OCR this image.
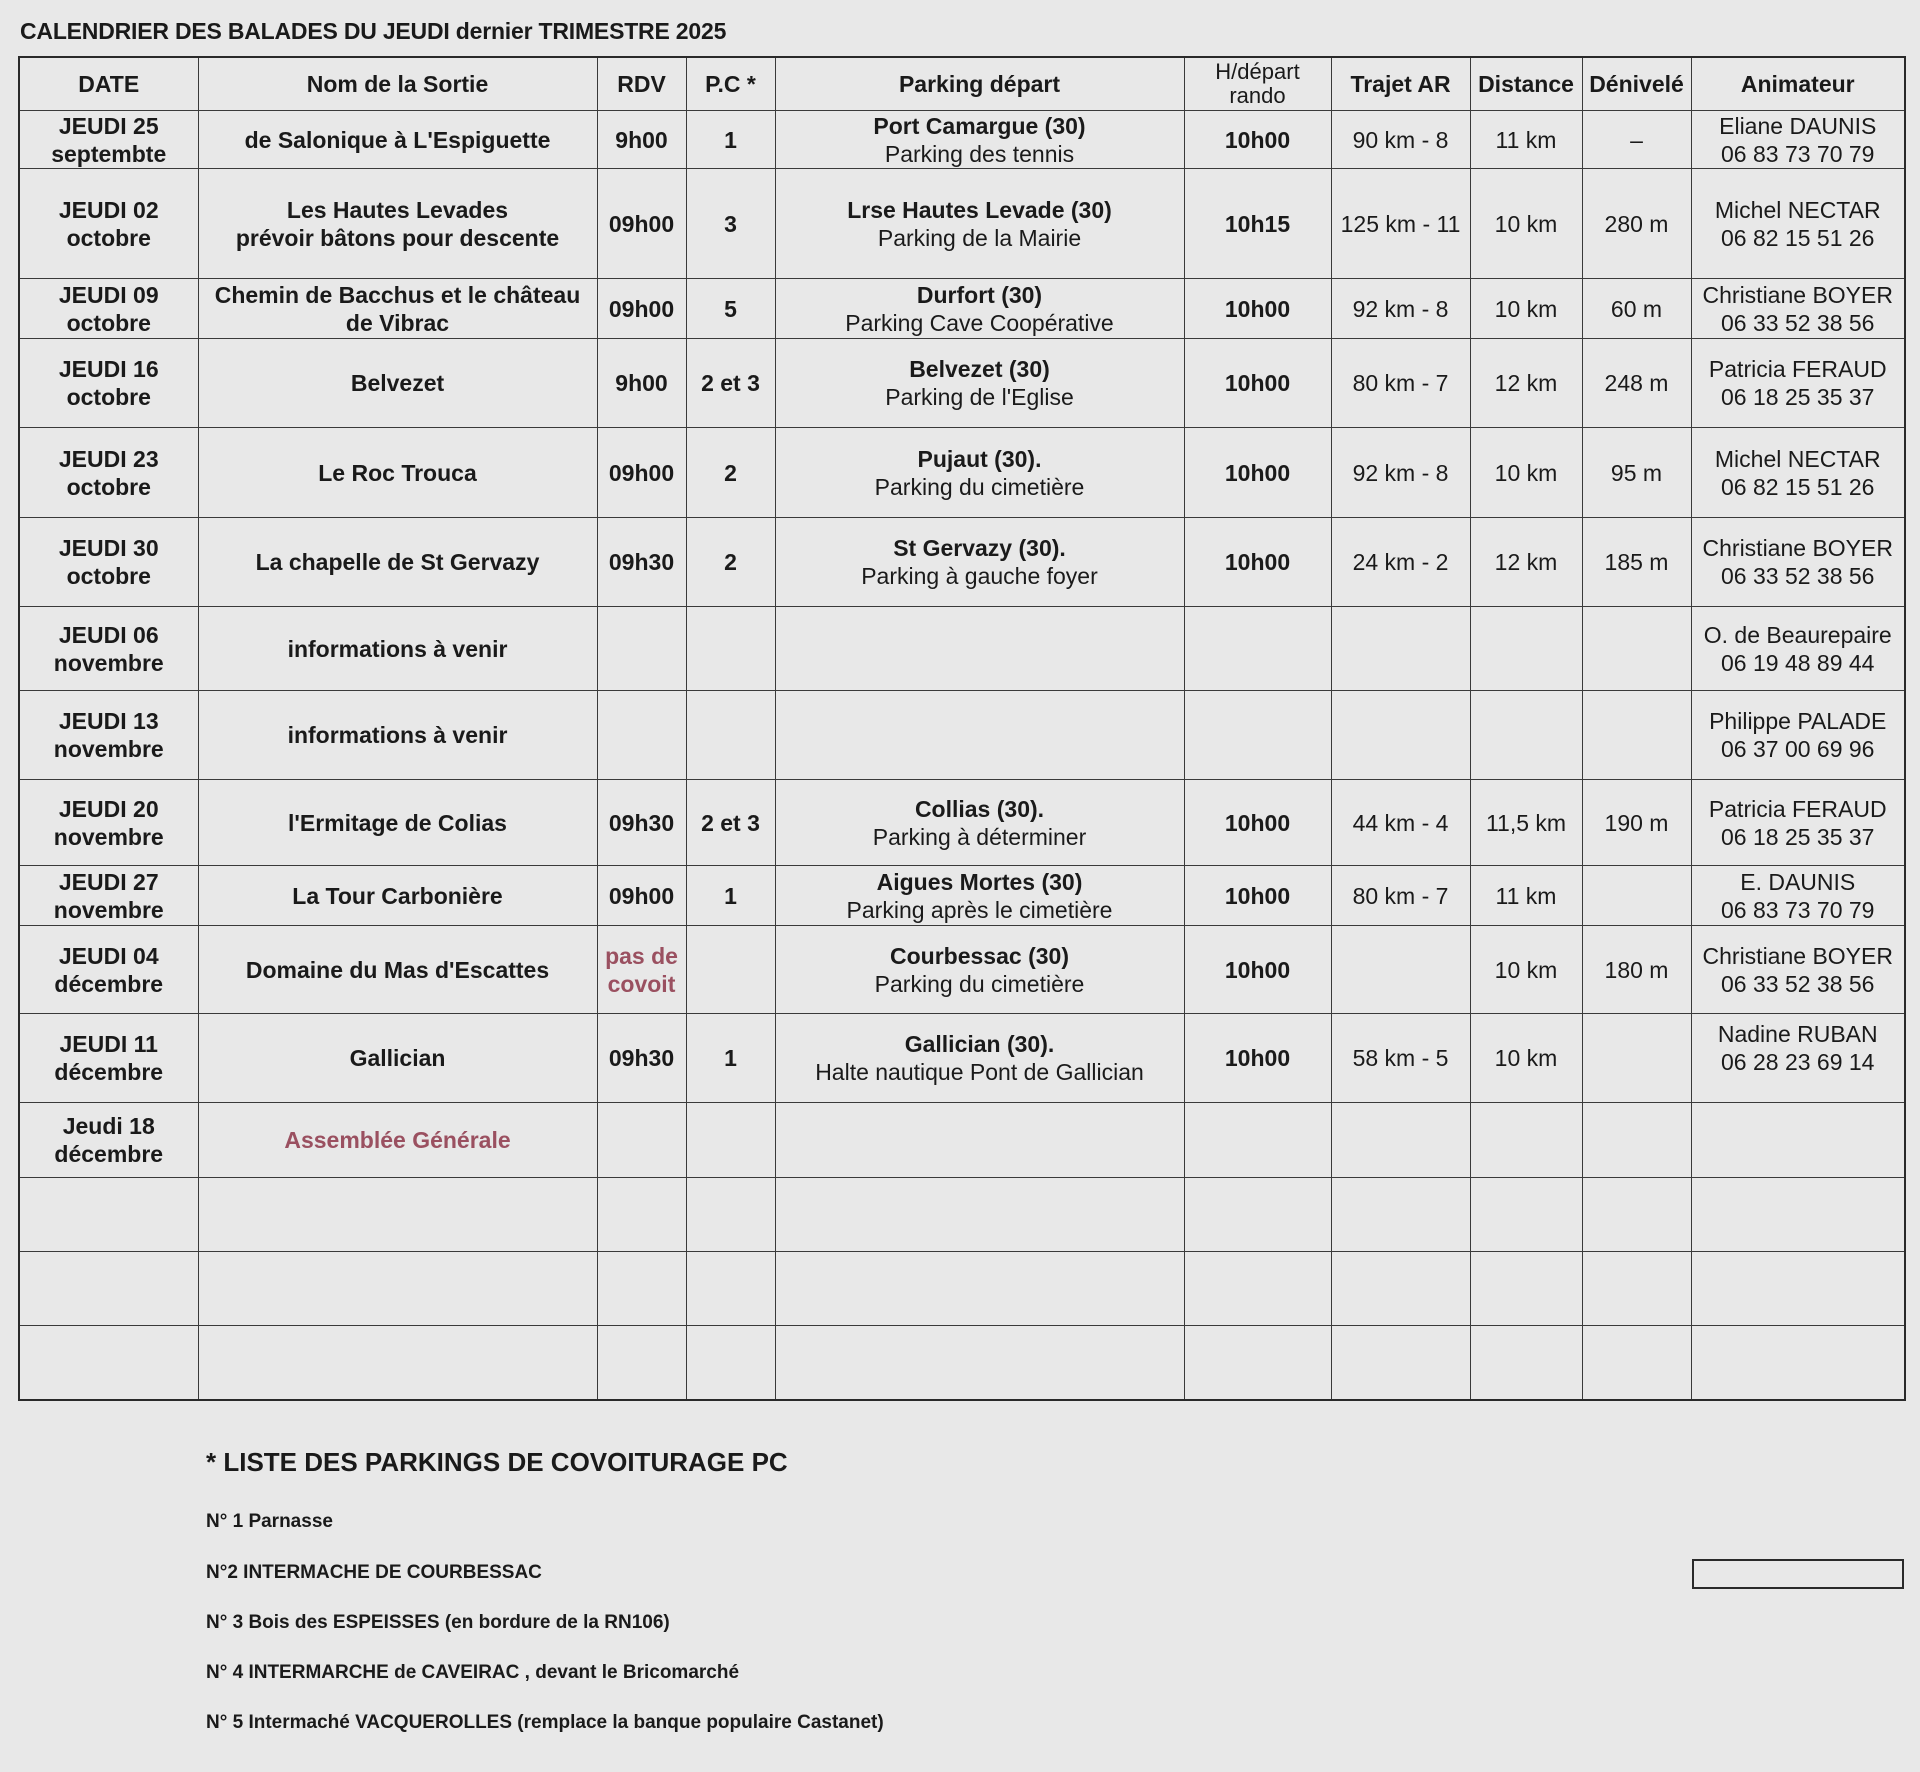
CALENDRIER DES BALADES DU JEUDI dernier TRIMESTRE 2025
DATE	Nom de la Sortie	RDV	P.C *	Parking départ	H/départ
rando	Trajet AR	Distance	Dénivelé	Animateur

JEUDI 25
septembte	de Salonique à L'Espiguette	9h00	1	Port Camargue (30)
Parking des tennis	10h00	90 km - 8	11 km	–	Eliane DAUNIS
06 83 73 70 79

JEUDI 02
octobre	Les Hautes Levades
prévoir bâtons pour descente	09h00	3	Lrse Hautes Levade (30)
Parking de la Mairie	10h15	125 km - 11	10 km	280 m	Michel NECTAR
06 82 15 51 26

JEUDI 09
octobre	Chemin de Bacchus et le château
de Vibrac	09h00	5	Durfort (30)
Parking Cave Coopérative	10h00	92 km - 8	10 km	60 m	Christiane BOYER
06 33 52 38 56

JEUDI 16
octobre	Belvezet	9h00	2 et 3	Belvezet (30)
Parking de l'Eglise	10h00	80 km - 7	12 km	248 m	Patricia FERAUD
06 18 25 35 37

JEUDI 23
octobre	Le Roc Trouca	09h00	2	Pujaut (30).
Parking du cimetière	10h00	92 km - 8	10 km	95 m	Michel NECTAR
06 82 15 51 26

JEUDI 30
octobre	La chapelle de St Gervazy	09h30	2	St Gervazy (30).
Parking à gauche foyer	10h00	24 km - 2	12 km	185 m	Christiane BOYER
06 33 52 38 56

JEUDI 06
novembre	informations à venir								O. de Beaurepaire
06 19 48 89 44

JEUDI 13
novembre	informations à venir								Philippe PALADE
06 37 00 69 96

JEUDI 20
novembre	l'Ermitage de Colias	09h30	2 et 3	Collias (30).
Parking à déterminer	10h00	44 km - 4	11,5 km	190 m	Patricia FERAUD
06 18 25 35 37

JEUDI 27
novembre	La Tour Carbonière	09h00	1	Aigues Mortes (30)
Parking après le cimetière	10h00	80 km - 7	11 km		E. DAUNIS
06 83 73 70 79

JEUDI 04
décembre	Domaine du Mas d'Escattes	pas de
covoit		Courbessac (30)
Parking du cimetière	10h00		10 km	180 m	Christiane BOYER
06 33 52 38 56

JEUDI 11
décembre	Gallician	09h30	1	Gallician (30).
Halte nautique Pont de Gallician	10h00	58 km - 5	10 km		Nadine RUBAN
06 28 23 69 14

Jeudi 18
décembre	Assemblée Générale								

* LISTE DES PARKINGS DE COVOITURAGE PC
N° 1 Parnasse
N°2 INTERMACHE DE COURBESSAC
N° 3 Bois des ESPEISSES (en bordure de la RN106)
N° 4 INTERMARCHE de CAVEIRAC , devant le Bricomarché
N° 5 Intermaché VACQUEROLLES (remplace la banque populaire Castanet)
